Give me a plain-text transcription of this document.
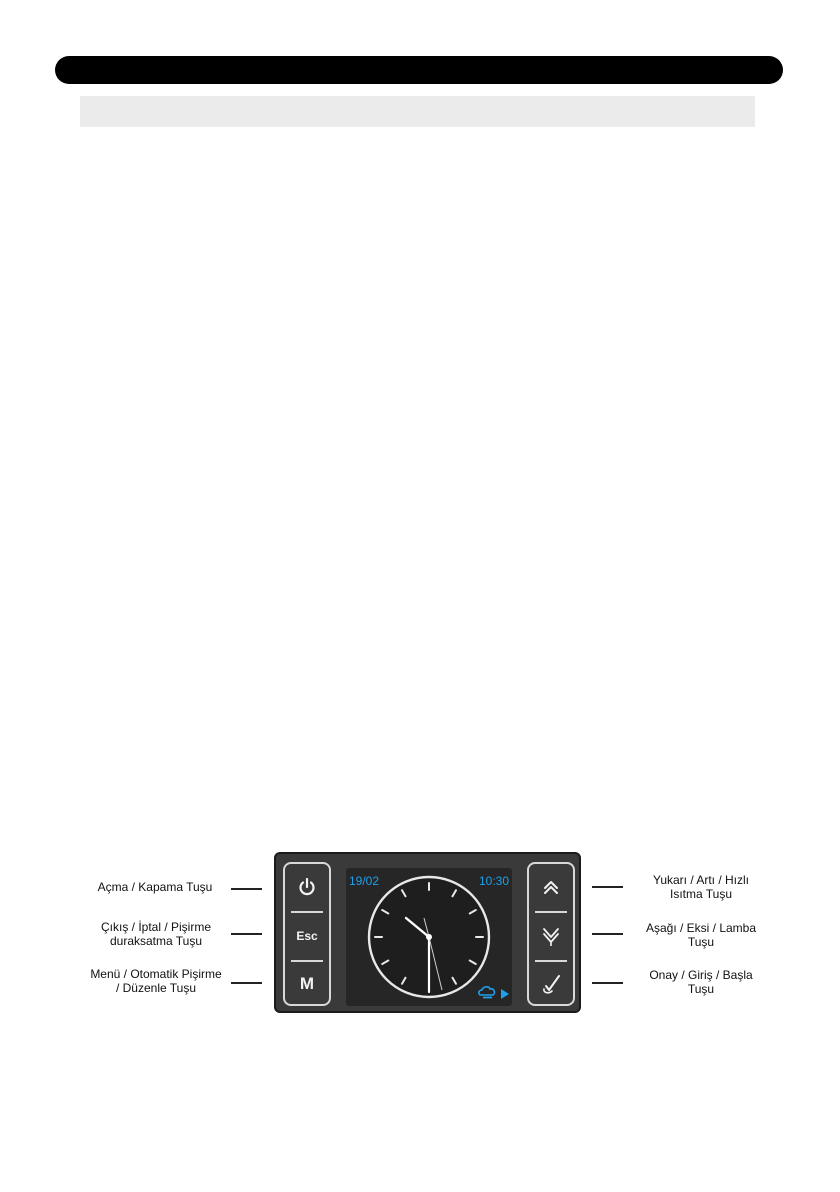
Açma / Kapama Tuşu
Çıkış / İptal / Pişirme
duraksatma Tuşu
Menü / Otomatik Pişirme
/ Düzenle Tuşu
Yukarı / Artı / Hızlı
Isıtma Tuşu
Aşağı / Eksi / Lamba
Tuşu
Onay / Giriş / Başla
Tuşu
Esc
M
19/02	10:30
